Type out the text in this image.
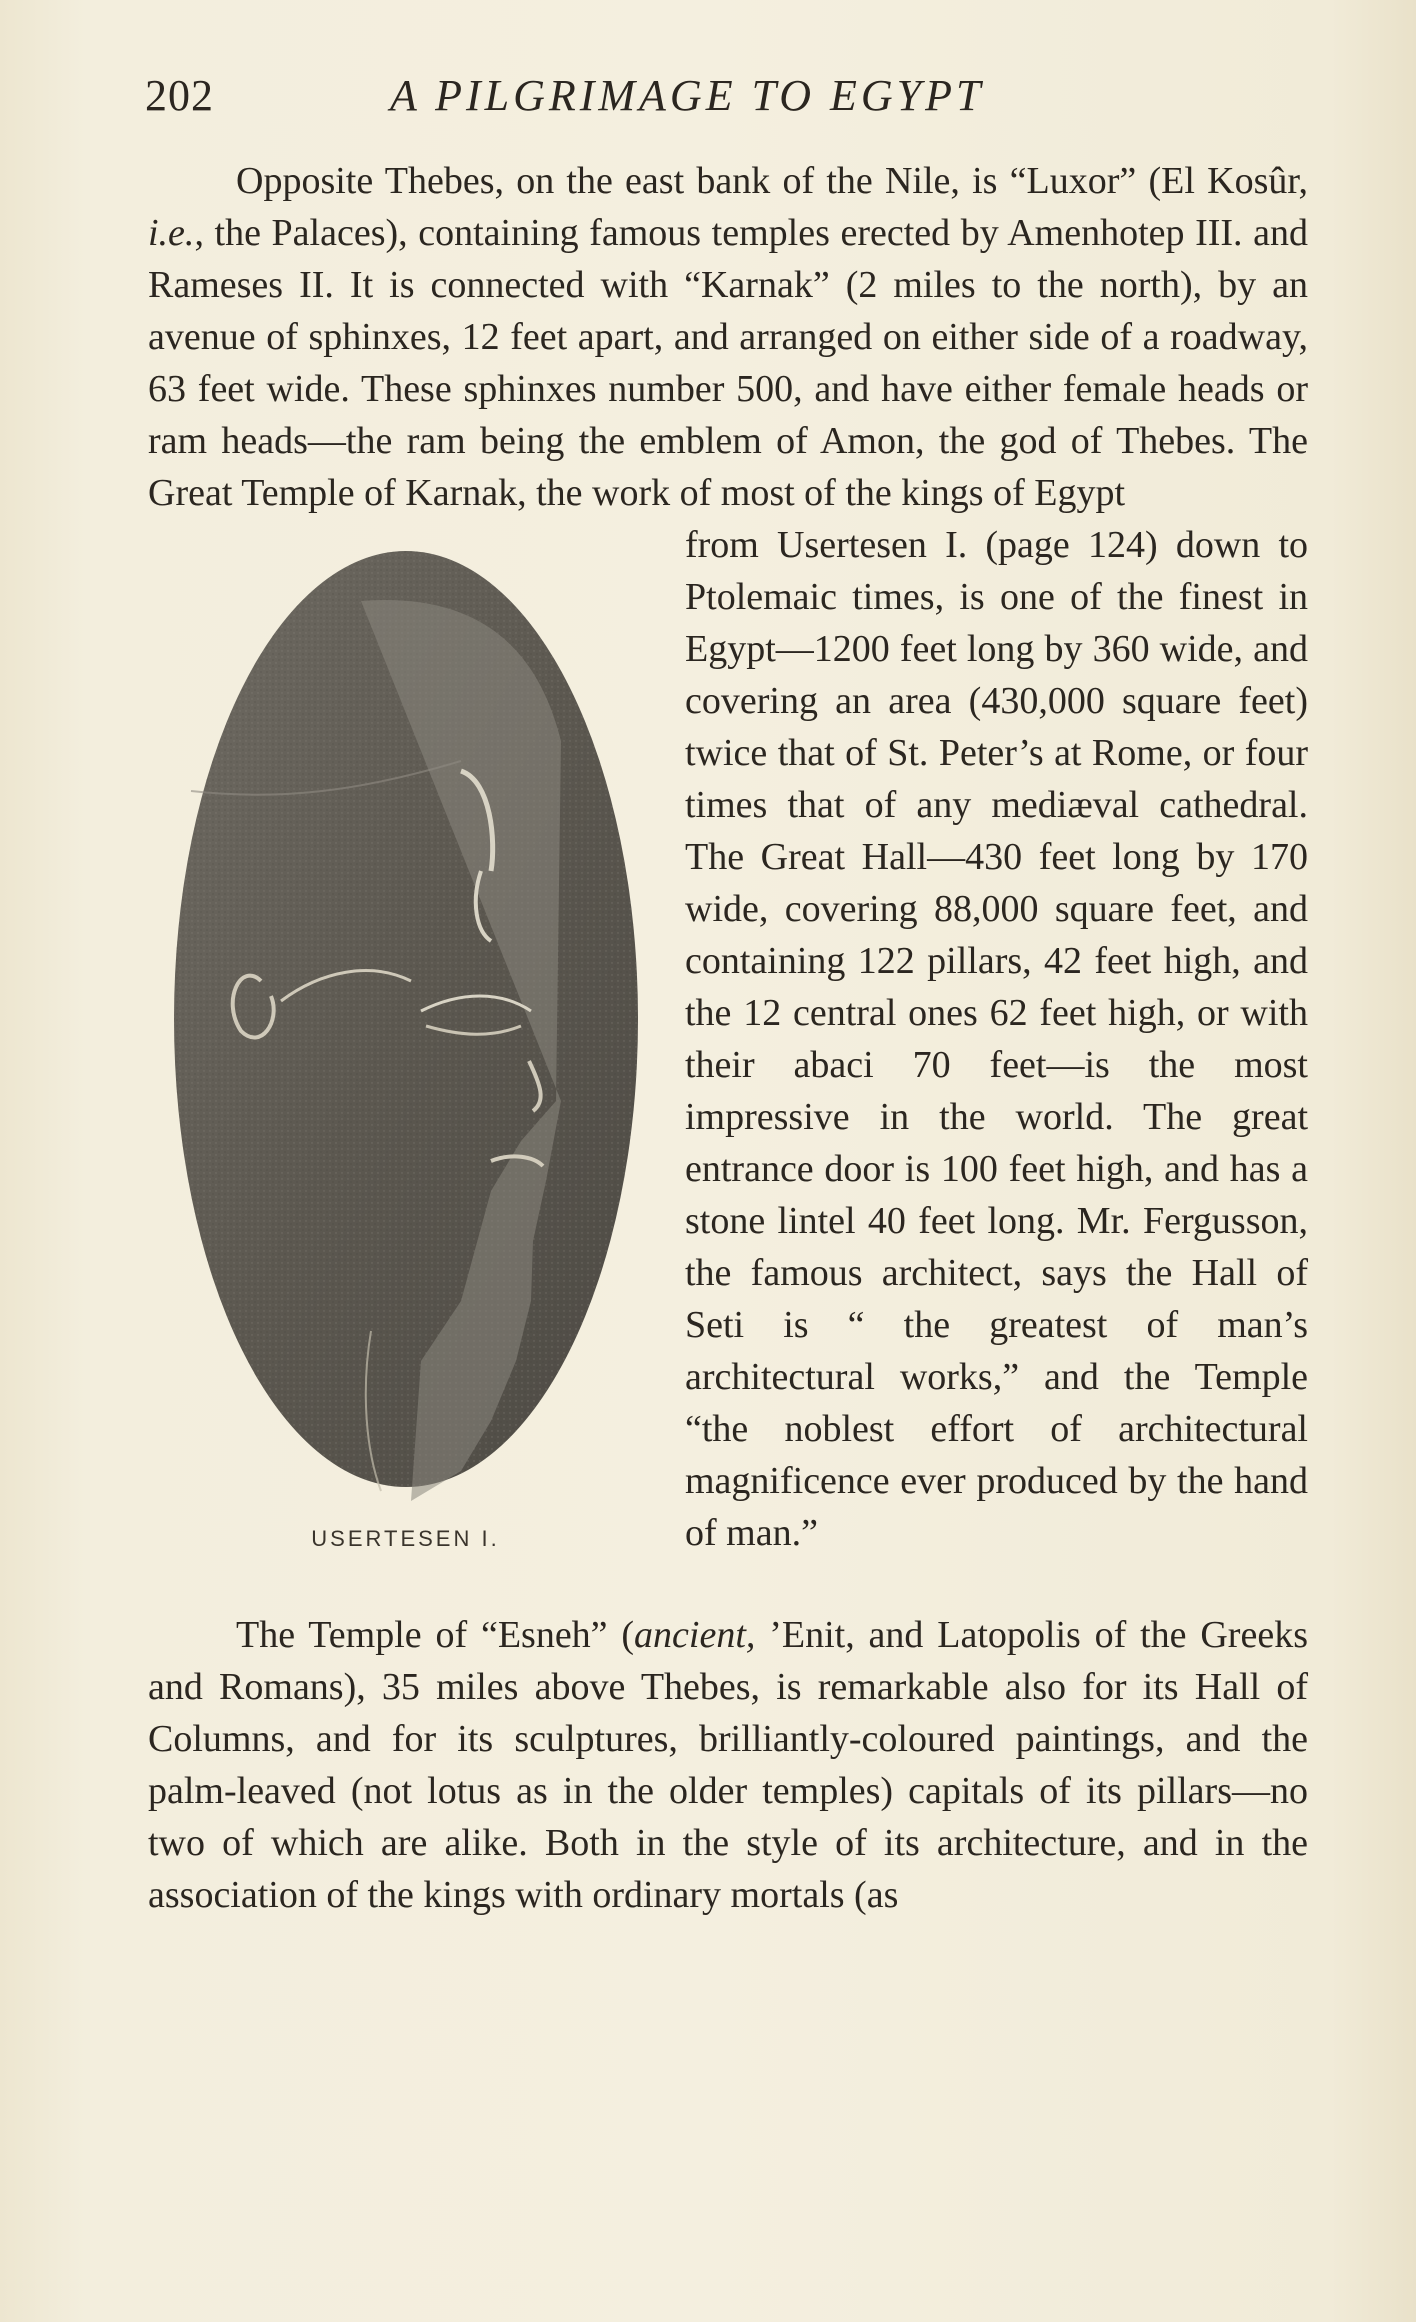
202	A PILGRIMAGE TO EGYPT

Opposite Thebes, on the east bank of the Nile, is “Luxor” (El Kosûr, i.e., the Palaces), containing famous temples erected by Amenhotep III. and Rameses II. It is connected with “Karnak” (2 miles to the north), by an avenue of sphinxes, 12 feet apart, and arranged on either side of a roadway, 63 feet wide. These sphinxes number 500, and have either female heads or ram heads—the ram being the emblem of Amon, the god of Thebes. The Great Temple of Karnak, the work of most of the kings of Egypt

USERTESEN I.

from Usertesen I. (page 124) down to Ptolemaic times, is one of the finest in Egypt—1200 feet long by 360 wide, and covering an area (430,000 square feet) twice that of St. Peter’s at Rome, or four times that of any mediæval cathedral. The Great Hall—430 feet long by 170 wide, covering 88,000 square feet, and containing 122 pillars, 42 feet high, and the 12 central ones 62 feet high, or with their abaci 70 feet—is the most impressive in the world. The great entrance door is 100 feet high, and has a stone lintel 40 feet long. Mr. Fergusson, the famous architect, says the Hall of Seti is “ the greatest of man’s architectural works,” and the Temple “the noblest effort of architectural magnificence ever produced by the hand of man.”

The Temple of “Esneh” (ancient, ’Enit, and Latopolis of the Greeks and Romans), 35 miles above Thebes, is remarkable also for its Hall of Columns, and for its sculptures, brilliantly-coloured paintings, and the palm-leaved (not lotus as in the older temples) capitals of its pillars—no two of which are alike. Both in the style of its architecture, and in the association of the kings with ordinary mortals (as
